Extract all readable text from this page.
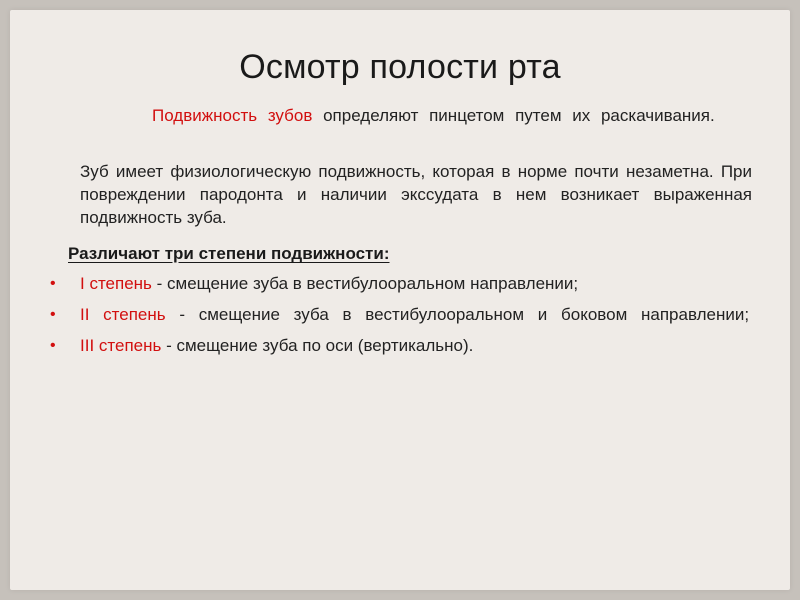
Осмотр полости рта

Подвижность зубов определяют пинцетом путем их раскачивания.

Зуб имеет физиологическую подвижность, которая в норме почти незаметна. При повреждении пародонта и наличии экссудата в нем возникает выраженная подвижность зуба.

Различают три степени подвижности:
• I степень - смещение зуба в вестибулооральном направлении;
• II степень - смещение зуба в вестибулоoральном и боковом направлении;
• III степень - смещение зуба по оси (вертикально).
